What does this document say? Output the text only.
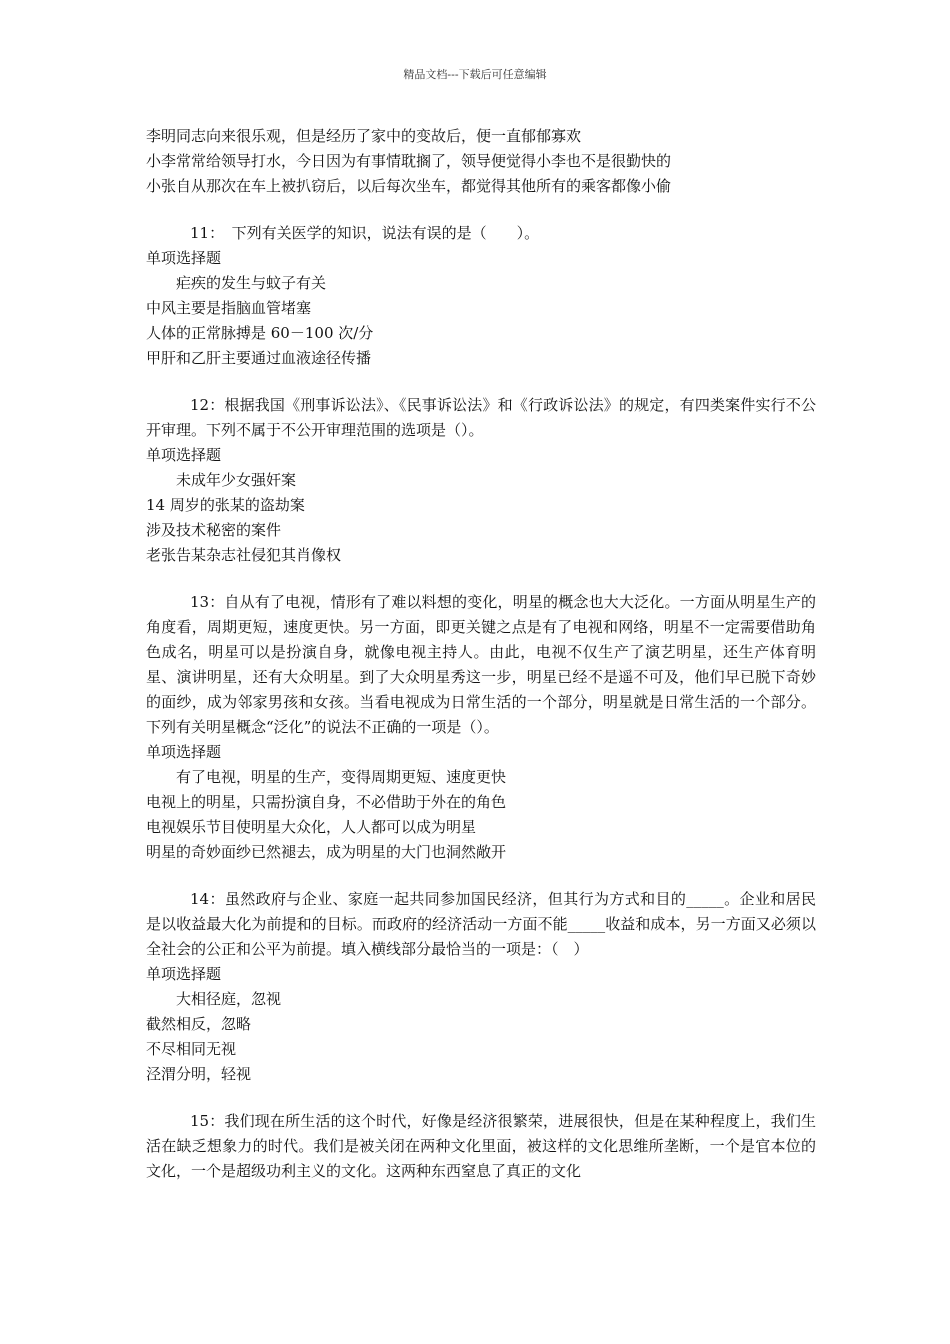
精品文档---下载后可任意编辑
李明同志向来很乐观，但是经历了家中的变故后，便一直郁郁寡欢
小李常常给领导打水，今日因为有事情耽搁了，领导便觉得小李也不是很勤快的
小张自从那次在车上被扒窃后，以后每次坐车，都觉得其他所有的乘客都像小偷
11：　下列有关医学的知识，说法有误的是（　　）。
单项选择题
疟疾的发生与蚊子有关
中风主要是指脑血管堵塞
人体的正常脉搏是 60－100 次/分
甲肝和乙肝主要通过血液途径传播
12：根据我国《刑事诉讼法》、《民事诉讼法》和《行政诉讼法》的规定，有四类案件实行不公开审理。下列不属于不公开审理范围的选项是（）。
单项选择题
未成年少女强奸案
14 周岁的张某的盗劫案
涉及技术秘密的案件
老张告某杂志社侵犯其肖像权
13：自从有了电视，情形有了难以料想的变化，明星的概念也大大泛化。一方面从明星生产的角度看，周期更短，速度更快。另一方面，即更关键之点是有了电视和网络，明星不一定需要借助角色成名，明星可以是扮演自身，就像电视主持人。由此，电视不仅生产了演艺明星，还生产体育明星、演讲明星，还有大众明星。到了大众明星秀这一步，明星已经不是遥不可及，他们早已脱下奇妙的面纱，成为邻家男孩和女孩。当看电视成为日常生活的一个部分，明星就是日常生活的一个部分。下列有关明星概念“泛化”的说法不正确的一项是（）。
单项选择题
有了电视，明星的生产，变得周期更短、速度更快
电视上的明星，只需扮演自身，不必借助于外在的角色
电视娱乐节目使明星大众化，人人都可以成为明星
明星的奇妙面纱已然褪去，成为明星的大门也洞然敞开
14：虽然政府与企业、家庭一起共同参加国民经济，但其行为方式和目的_____。企业和居民是以收益最大化为前提和的目标。而政府的经济活动一方面不能_____收益和成本，另一方面又必须以全社会的公正和公平为前提。填入横线部分最恰当的一项是：（　）
单项选择题
大相径庭，忽视
截然相反，忽略
不尽相同无视
泾渭分明，轻视
15：我们现在所生活的这个时代，好像是经济很繁荣，进展很快，但是在某种程度上，我们生活在缺乏想象力的时代。我们是被关闭在两种文化里面，被这样的文化思维所垄断，一个是官本位的文化，一个是超级功利主义的文化。这两种东西窒息了真正的文化
